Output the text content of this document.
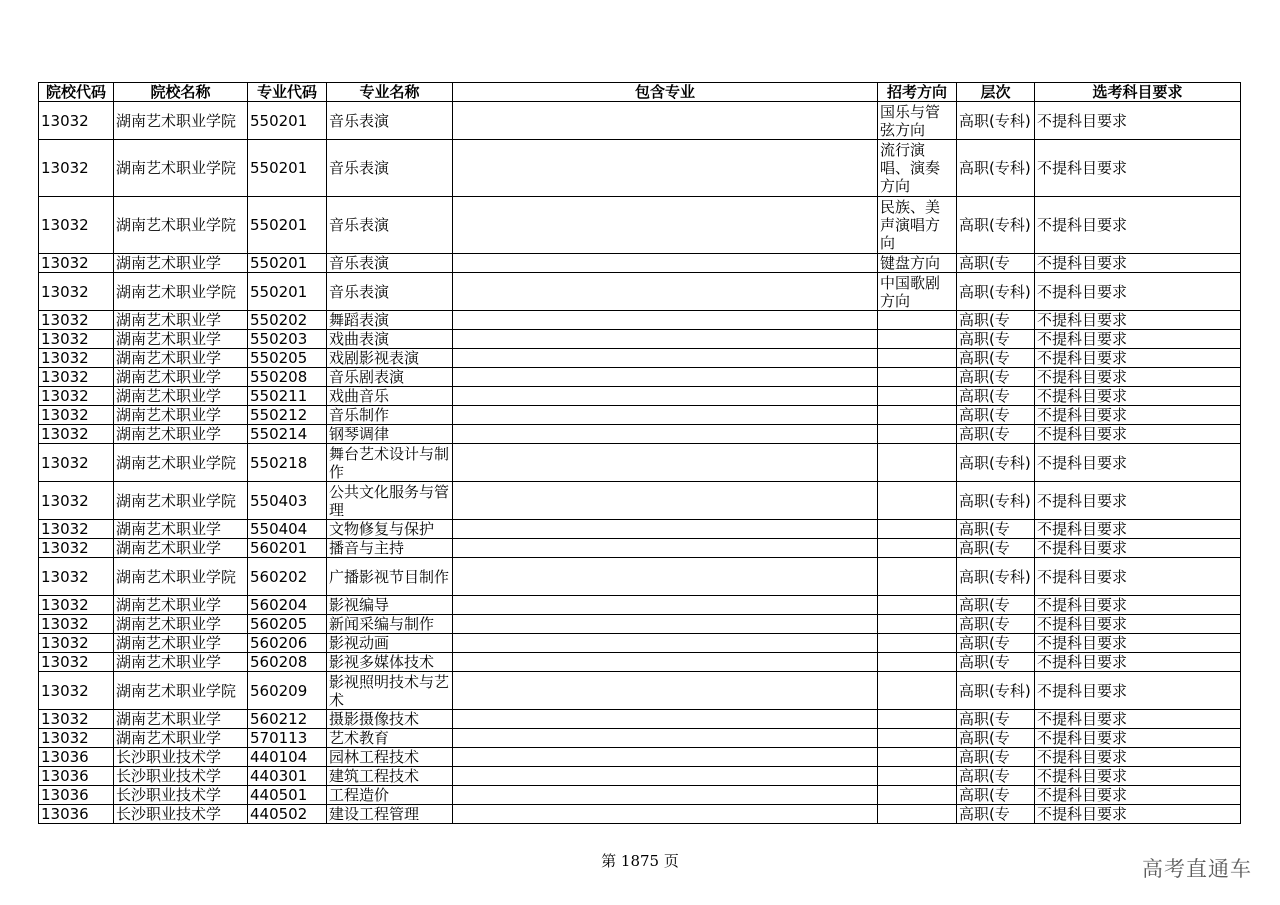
院校代码	院校名称	专业代码	专业名称	包含专业	招考方向	层次	选考科目要求
13032	湖南艺术职业学院	550201	音乐表演		国乐与管弦方向	高职(专科)	不提科目要求
13032	湖南艺术职业学院	550201	音乐表演		流行演唱、演奏方向	高职(专科)	不提科目要求
13032	湖南艺术职业学院	550201	音乐表演		民族、美声演唱方向	高职(专科)	不提科目要求
13032	湖南艺术职业学	550201	音乐表演		键盘方向	高职(专	不提科目要求
13032	湖南艺术职业学院	550201	音乐表演		中国歌剧方向	高职(专科)	不提科目要求
13032	湖南艺术职业学	550202	舞蹈表演			高职(专	不提科目要求
13032	湖南艺术职业学	550203	戏曲表演			高职(专	不提科目要求
13032	湖南艺术职业学	550205	戏剧影视表演			高职(专	不提科目要求
13032	湖南艺术职业学	550208	音乐剧表演			高职(专	不提科目要求
13032	湖南艺术职业学	550211	戏曲音乐			高职(专	不提科目要求
13032	湖南艺术职业学	550212	音乐制作			高职(专	不提科目要求
13032	湖南艺术职业学	550214	钢琴调律			高职(专	不提科目要求
13032	湖南艺术职业学院	550218	舞台艺术设计与制作			高职(专科)	不提科目要求
13032	湖南艺术职业学院	550403	公共文化服务与管理			高职(专科)	不提科目要求
13032	湖南艺术职业学	550404	文物修复与保护			高职(专	不提科目要求
13032	湖南艺术职业学	560201	播音与主持			高职(专	不提科目要求
13032	湖南艺术职业学院	560202	广播影视节目制作			高职(专科)	不提科目要求
13032	湖南艺术职业学	560204	影视编导			高职(专	不提科目要求
13032	湖南艺术职业学	560205	新闻采编与制作			高职(专	不提科目要求
13032	湖南艺术职业学	560206	影视动画			高职(专	不提科目要求
13032	湖南艺术职业学	560208	影视多媒体技术			高职(专	不提科目要求
13032	湖南艺术职业学院	560209	影视照明技术与艺术			高职(专科)	不提科目要求
13032	湖南艺术职业学	560212	摄影摄像技术			高职(专	不提科目要求
13032	湖南艺术职业学	570113	艺术教育			高职(专	不提科目要求
13036	长沙职业技术学	440104	园林工程技术			高职(专	不提科目要求
13036	长沙职业技术学	440301	建筑工程技术			高职(专	不提科目要求
13036	长沙职业技术学	440501	工程造价			高职(专	不提科目要求
13036	长沙职业技术学	440502	建设工程管理			高职(专	不提科目要求
第 1875 页	高考直通车
